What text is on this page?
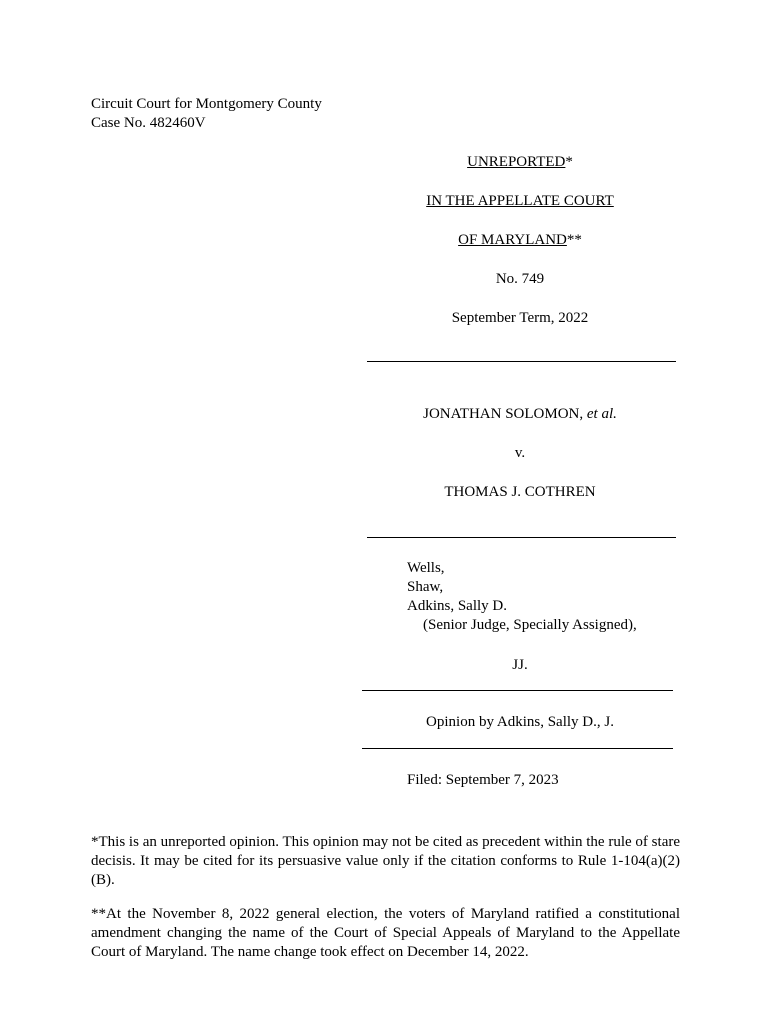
Circuit Court for Montgomery County
Case No. 482460V
UNREPORTED*
IN THE APPELLATE COURT
OF MARYLAND**
No. 749
September Term, 2022
JONATHAN SOLOMON, et al.
v.
THOMAS J. COTHREN
Wells,
Shaw,
Adkins, Sally D.
(Senior Judge, Specially Assigned),
JJ.
Opinion by Adkins, Sally D., J.
Filed: September 7, 2023
*This is an unreported opinion. This opinion may not be cited as precedent within the rule of stare decisis. It may be cited for its persuasive value only if the citation conforms to Rule 1-104(a)(2)(B).
**At the November 8, 2022 general election, the voters of Maryland ratified a constitutional amendment changing the name of the Court of Special Appeals of Maryland to the Appellate Court of Maryland. The name change took effect on December 14, 2022.
